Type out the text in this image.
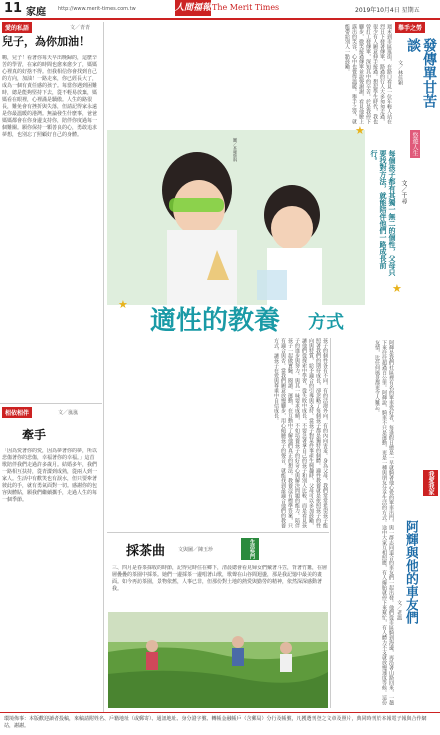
11 家庭 http://www.merit-times.com.tw	人間福報 The Merit Times	2019年10月4日 星期五
愛的私語
兒子，為你加油！
文／青青
嗨，兒子！看著你每天早出晚歸的，這麼辛苦的學習，在家的時間也愈來愈少了，媽媽心裡真的好捨不得。但我相信你會找到自己的方向，加油！一路走來，你已經長大了，成為一個有責任感的孩子。每當你遇到困難時，總是能夠堅持下去，從不輕易放棄，媽媽看在眼裡，心裡滿是驕傲。人生的路很長，難免會有挫折與失落，但請記得家永遠是你最溫暖的港灣。無論發生什麼事，爸爸媽媽都會在你身邊支持你，陪伴你度過每一個難關。願你保持一顆善良的心，勇敢追求夢想，也別忘了照顧好自己的身體。
相依相伴	文／嵐嵐
牽手
「因為愛著你的愛，因為夢著你的夢，所以悲傷著你的悲傷，幸福著你的幸福。」這首歌陪伴我們走過許多歲月。結婚多年，我們一路相互扶持，從青澀到成熟，從兩人到一家人。生活中有歡笑也有淚水，但只要牽著彼此的手，就有勇氣面對一切。感謝你的包容與體貼，願我們繼續攜手，走過人生的每一個季節。
舉手之勞
發傳單甘苦談
文／林佳穎
週末到市區逛街，在路口看見一位年輕人站在烈日下發著傳單，路過的行人大多匆匆走過，很少有人願意伸手接過。想起學生時代，我也曾打工發傳單，深知其中的辛苦。於是我停下腳步，微笑接過傳單並說聲謝謝，看見他臉上露出的笑容，心中也覺得溫暖。舉手之勞，就能帶給別人一點鼓勵。
悠遊人生
文／千尋
每個孩子都有其獨一無二的個性，父母只要找對方法，就能陪伴他們一路成長前行。
圖／本報資料
★
★
★
適性的教養 方式
孩子的個性各有不同，有的活潑外向，有的內向害羞。身為父母，我們常常希望孩子能照著我們的期待成長，卻忽略了每個孩子都是獨特的個體。適性教養就是依照孩子的性向與特質，給予適合的引導與支持。當孩子對某件事產生興趣時，父母可以多加鼓勵，讓他們從探索中學習，從失敗中成長。不要急著拿自己的孩子和別人比較，而是看見孩子的進步與努力。與其一味要求成績，不如培養孩子的好奇心與解決問題的能力。陪伴孩子一起做實驗、閱讀、運動，在互動中了解他們真正的想法。教養沒有標準答案，只有適合與否。當我們願意放慢腳步，用心傾聽孩子的聲音，就能找到最適合他們的教養方式，讓孩子在愛與尊重中自信成長。
我愛我家
阿輝與他的車友們
文／老溫
阿輝是我們社區裡有名的單車愛好者，每逢假日總是一早就騎著他心愛的單車出門，與一群志同道合的車友們一起出發。他們從市區騎到海邊，再沿著山路回來，一趟下來往往超過百公里。阿輝說，騎車不只是運動，更是一種與朋友分享生活的方式。途中大家互相照應，有人爆胎就停下來幫忙，有人體力不支就放慢速度等候。這份友情，比任何風景都更令人難忘。
採茶曲	文與圖／陳玉珍	生活快門
三、四月是春茶採收的時節，記得兒時住在鄉下，清晨總會看見婦女們戴著斗笠，背著竹簍，在層層疊疊的茶園中採茶。她們一邊採茶一邊唱著山歌，歌聲在山谷間迴盪，那是我記憶中最美的畫面。如今再訪茶園，景物依舊，人事已非，但那份對土地的熱愛與勤勞的精神，依然深深感動著我。
環境佈事：本版歡迎讀者投稿，來稿請附姓名、戶籍地址（或郵寄）、通訊地址、身分證字號、轉帳金融帳戶（含郵局）分行及帳號，凡獲選刊登之文章及照片，典同時刊於本報電子報與合作網站，謝謝。
